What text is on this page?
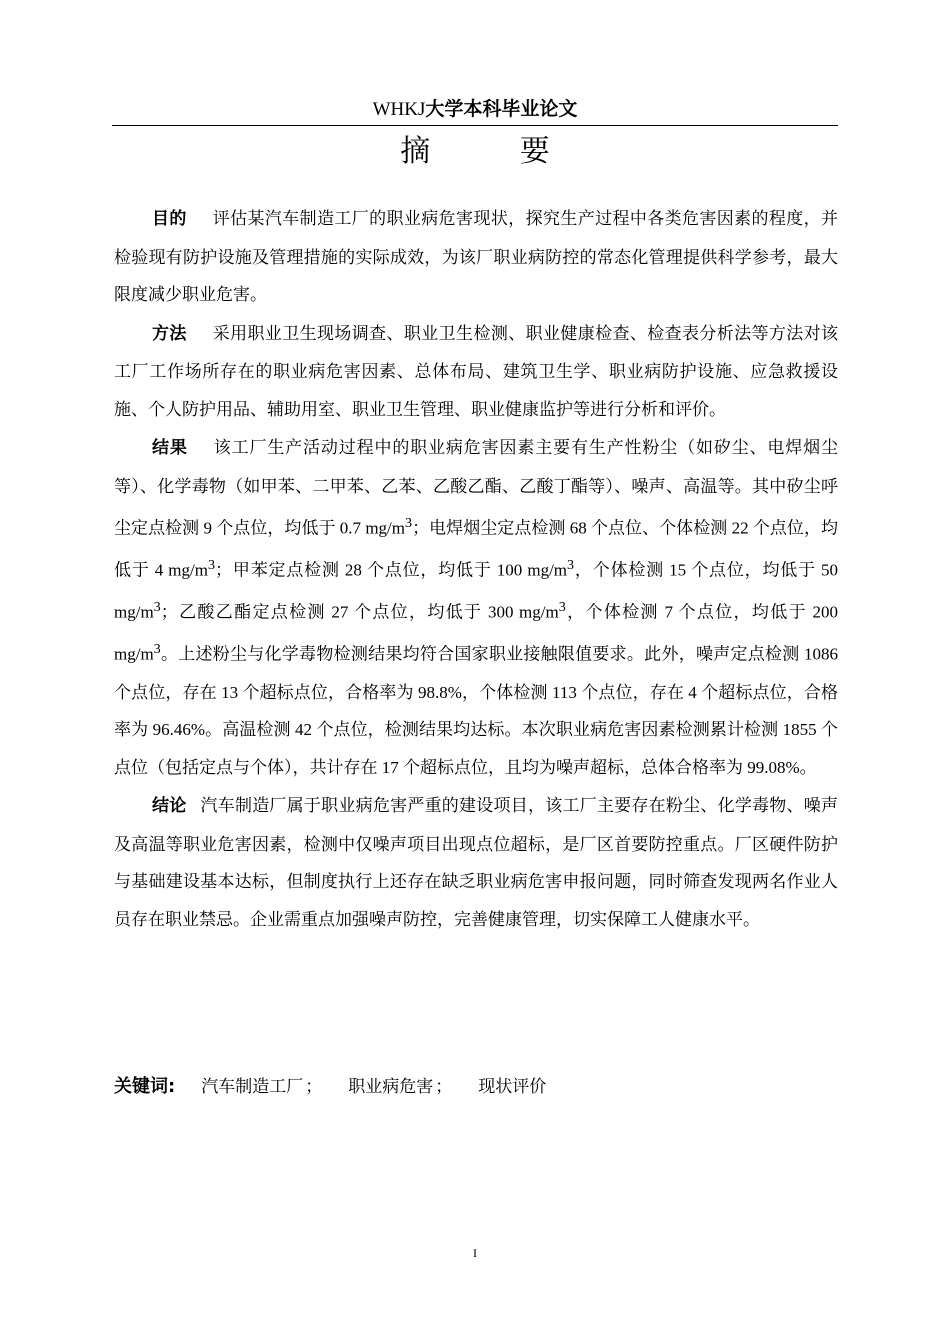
WHKJ大学本科毕业论文
摘 要

目的 评估某汽车制造工厂的职业病危害现状，探究生产过程中各类危害因素的程度，并检验现有防护设施及管理措施的实际成效，为该厂职业病防控的常态化管理提供科学参考，最大限度减少职业危害。

方法 采用职业卫生现场调查、职业卫生检测、职业健康检查、检查表分析法等方法对该工厂工作场所存在的职业病危害因素、总体布局、建筑卫生学、职业病防护设施、应急救援设施、个人防护用品、辅助用室、职业卫生管理、职业健康监护等进行分析和评价。

结果 该工厂生产活动过程中的职业病危害因素主要有生产性粉尘（如矽尘、电焊烟尘等）、化学毒物（如甲苯、二甲苯、乙苯、乙酸乙酯、乙酸丁酯等）、噪声、高温等。其中矽尘呼尘定点检测 9 个点位，均低于 0.7 $mg/m^3$；电焊烟尘定点检测 68 个点位、个体检测 22 个点位，均低于 4 $mg/m^3$；甲苯定点检测 28 个点位，均低于 100 $mg/m^3$，个体检测 15 个点位，均低于 50 $mg/m^3$；乙酸乙酯定点检测 27 个点位，均低于 300 $mg/m^3$，个体检测 7 个点位，均低于 200 $mg/m^3$。上述粉尘与化学毒物检测结果均符合国家职业接触限值要求。此外，噪声定点检测 1086 个点位，存在 13 个超标点位，合格率为 98.8%，个体检测 113 个点位，存在 4 个超标点位，合格率为 96.46%。高温检测 42 个点位，检测结果均达标。本次职业病危害因素检测累计检测 1855 个点位（包括定点与个体），共计存在 17 个超标点位，且均为噪声超标，总体合格率为 99.08%。

结论 汽车制造厂属于职业病危害严重的建设项目，该工厂主要存在粉尘、化学毒物、噪声及高温等职业危害因素，检测中仅噪声项目出现点位超标，是厂区首要防控重点。厂区硬件防护与基础建设基本达标，但制度执行上还存在缺乏职业病危害申报问题，同时筛查发现两名作业人员存在职业禁忌。企业需重点加强噪声防控，完善健康管理，切实保障工人健康水平。

关键词: 汽车制造工厂 ； 职业病危害 ； 现状评价
I
